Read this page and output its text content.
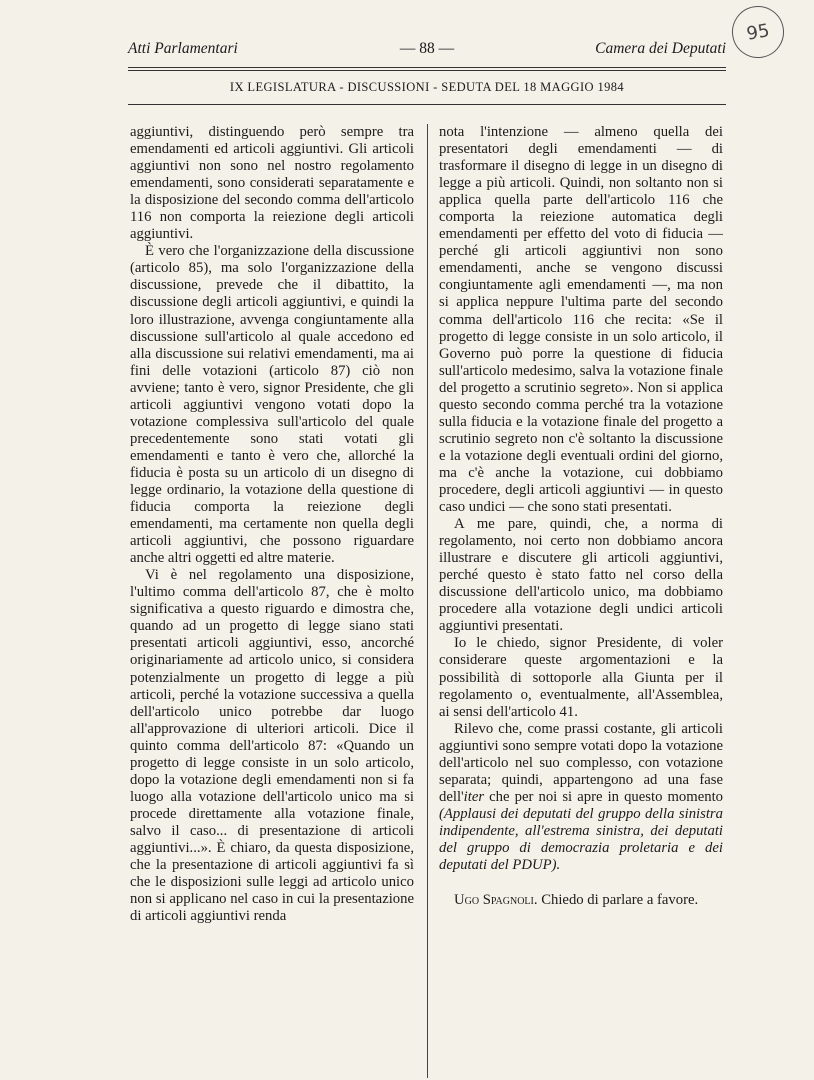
Atti Parlamentari	— 88 —	Camera dei Deputati
IX LEGISLATURA - DISCUSSIONI - SEDUTA DEL 18 MAGGIO 1984
95

aggiuntivi, distinguendo però sempre tra emendamenti ed articoli aggiuntivi. Gli articoli aggiuntivi non sono nel nostro regolamento emendamenti, sono considerati separatamente e la disposizione del secondo comma dell'articolo 116 non comporta la reiezione degli articoli aggiuntivi.

È vero che l'organizzazione della discussione (articolo 85), ma solo l'organizzazione della discussione, prevede che il dibattito, la discussione degli articoli aggiuntivi, e quindi la loro illustrazione, avvenga congiuntamente alla discussione sull'articolo al quale accedono ed alla discussione sui relativi emendamenti, ma ai fini delle votazioni (articolo 87) ciò non avviene; tanto è vero, signor Presidente, che gli articoli aggiuntivi vengono votati dopo la votazione complessiva sull'articolo del quale precedentemente sono stati votati gli emendamenti e tanto è vero che, allorché la fiducia è posta su un articolo di un disegno di legge ordinario, la votazione della questione di fiducia comporta la reiezione degli emendamenti, ma certamente non quella degli articoli aggiuntivi, che possono riguardare anche altri oggetti ed altre materie.

Vi è nel regolamento una disposizione, l'ultimo comma dell'articolo 87, che è molto significativa a questo riguardo e dimostra che, quando ad un progetto di legge siano stati presentati articoli aggiuntivi, esso, ancorché originariamente ad articolo unico, si considera potenzialmente un progetto di legge a più articoli, perché la votazione successiva a quella dell'articolo unico potrebbe dar luogo all'approvazione di ulteriori articoli. Dice il quinto comma dell'articolo 87: «Quando un progetto di legge consiste in un solo articolo, dopo la votazione degli emendamenti non si fa luogo alla votazione dell'articolo unico ma si procede direttamente alla votazione finale, salvo il caso... di presentazione di articoli aggiuntivi...». È chiaro, da questa disposizione, che la presentazione di articoli aggiuntivi fa sì che le disposizioni sulle leggi ad articolo unico non si applicano nel caso in cui la presentazione di articoli aggiuntivi renda

nota l'intenzione — almeno quella dei presentatori degli emendamenti — di trasformare il disegno di legge in un disegno di legge a più articoli. Quindi, non soltanto non si applica quella parte dell'articolo 116 che comporta la reiezione automatica degli emendamenti per effetto del voto di fiducia — perché gli articoli aggiuntivi non sono emendamenti, anche se vengono discussi congiuntamente agli emendamenti —, ma non si applica neppure l'ultima parte del secondo comma dell'articolo 116 che recita: «Se il progetto di legge consiste in un solo articolo, il Governo può porre la questione di fiducia sull'articolo medesimo, salva la votazione finale del progetto a scrutinio segreto». Non si applica questo secondo comma perché tra la votazione sulla fiducia e la votazione finale del progetto a scrutinio segreto non c'è soltanto la discussione e la votazione degli eventuali ordini del giorno, ma c'è anche la votazione, cui dobbiamo procedere, degli articoli aggiuntivi — in questo caso undici — che sono stati presentati.

A me pare, quindi, che, a norma di regolamento, noi certo non dobbiamo ancora illustrare e discutere gli articoli aggiuntivi, perché questo è stato fatto nel corso della discussione dell'articolo unico, ma dobbiamo procedere alla votazione degli undici articoli aggiuntivi presentati.

Io le chiedo, signor Presidente, di voler considerare queste argomentazioni e la possibilità di sottoporle alla Giunta per il regolamento o, eventualmente, all'Assemblea, ai sensi dell'articolo 41.

Rilevo che, come prassi costante, gli articoli aggiuntivi sono sempre votati dopo la votazione dell'articolo nel suo complesso, con votazione separata; quindi, appartengono ad una fase dell'iter che per noi si apre in questo momento (Applausi dei deputati del gruppo della sinistra indipendente, all'estrema sinistra, dei deputati del gruppo di democrazia proletaria e dei deputati del PDUP).

Ugo Spagnoli. Chiedo di parlare a favore.
